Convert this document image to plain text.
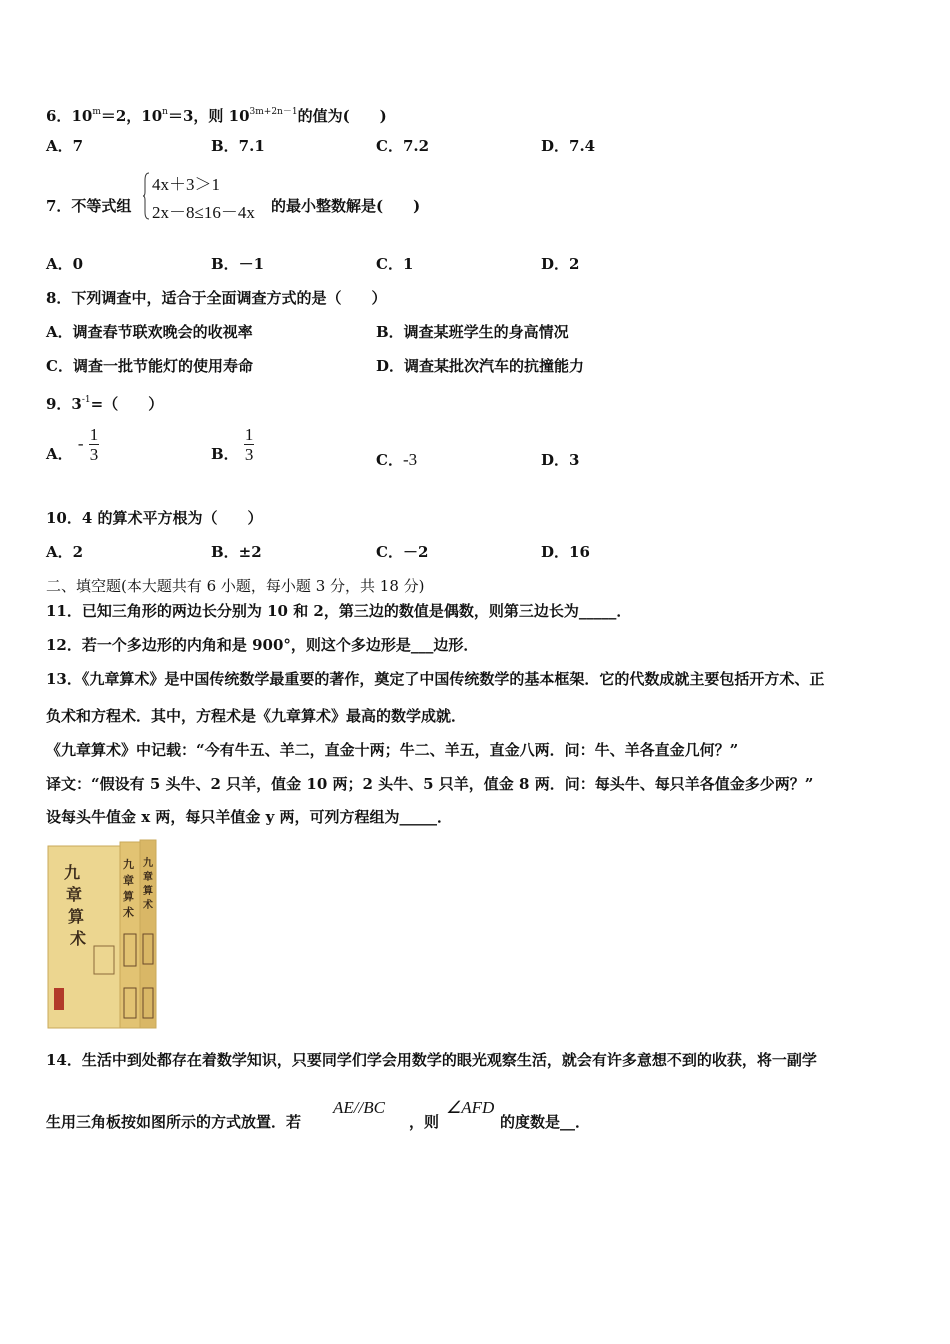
6．$10^m=2$，$10^n=3$，则 $10^{3m+2n-1}$的值为(　　)
A．7	B．7.1	C．7.2	D．7.4
7．不等式组
4x＋3＞1
2x－8≤16－4x 的最小整数解是(　　)
A．0	B．－1	C．1	D．2
8．下列调查中，适合于全面调查方式的是（　　）
A．调查春节联欢晚会的收视率	B．调查某班学生的身高情况
C．调查一批节能灯的使用寿命	D．调查某批次汽车的抗撞能力
9．$3^{-1}=$（　　）
A． - $\frac{1}{3}$	B． $\frac{1}{3}$	C．-3	D．3
10．4 的算术平方根为（　　）
A．2	B．±2	C．－2	D．16
二、填空题(本大题共有 6 小题，每小题 3 分，共 18 分)
11．已知三角形的两边长分别为 10 和 2，第三边的数值是偶数，则第三边长为_____．
12．若一个多边形的内角和是 900°，则这个多边形是___边形．
13．《九章算术》是中国传统数学最重要的著作，奠定了中国传统数学的基本框架．它的代数成就主要包括开方术、正
负术和方程术．其中，方程术是《九章算术》最高的数学成就．
《九章算术》中记载：“今有牛五、羊二，直金十两；牛二、羊五，直金八两．问：牛、羊各直金几何？”
译文：“假设有 5 头牛、2 只羊，值金 10 两；2 头牛、5 只羊，值金 8 两．问：每头牛、每只羊各值金多少两？”
设每头牛值金 x 两，每只羊值金 y 两，可列方程组为_____．
九
章
算
术
九
章
算
术
九
章
算
术
14．生活中到处都存在着数学知识，只要同学们学会用数学的眼光观察生活，就会有许多意想不到的收获，将一副学
生用三角板按如图所示的方式放置．若
AE//BC
，则
∠AFD
的度数是__．
